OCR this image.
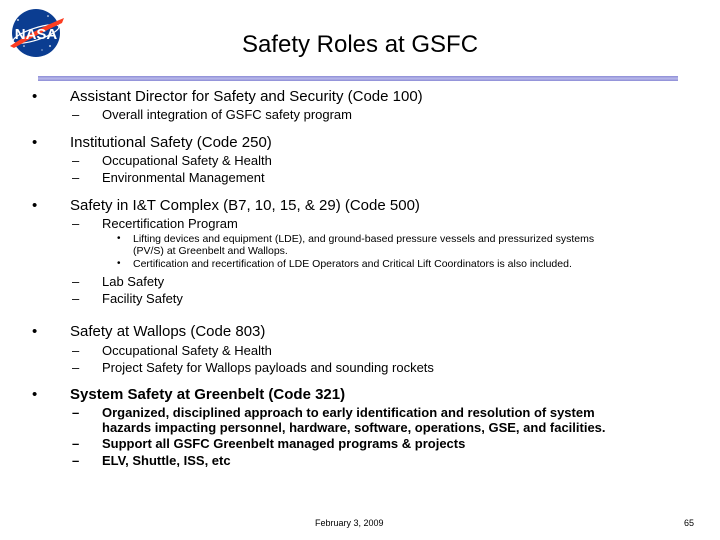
NASA	Safety Roles at GSFC
• Assistant Director for Safety and Security (Code 100)
– Overall integration of GSFC safety program
• Institutional Safety (Code 250)
– Occupational Safety & Health
– Environmental Management
• Safety in I&T Complex (B7, 10, 15, & 29) (Code 500)
– Recertification Program
• Lifting devices and equipment (LDE), and ground-based pressure vessels and pressurized systems
(PV/S) at Greenbelt and Wallops.
• Certification and recertification of LDE Operators and Critical Lift Coordinators is also included.
– Lab Safety
– Facility Safety
• Safety at Wallops (Code 803)
– Occupational Safety & Health
– Project Safety for Wallops payloads and sounding rockets
• System Safety at Greenbelt (Code 321)
– Organized, disciplined approach to early identification and resolution of system
hazards impacting personnel, hardware, software, operations, GSE, and facilities.
– Support all GSFC Greenbelt managed programs & projects
– ELV, Shuttle, ISS, etc
February 3, 2009	65
